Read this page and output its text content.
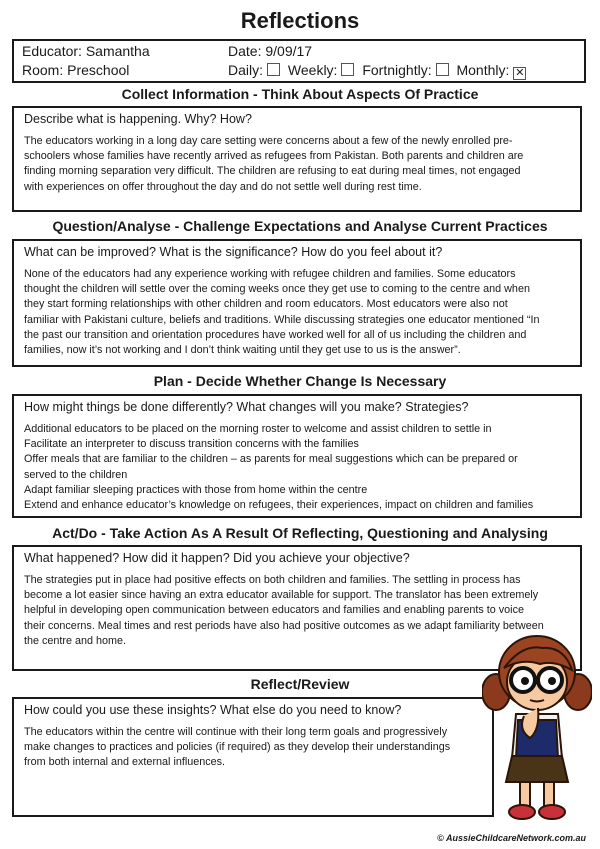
Reflections
Educator: Samantha
Room: Preschool
Date: 9/09/17
Daily: Weekly: Fortnightly: Monthly: ✕
Collect Information - Think About Aspects Of Practice
Describe what is happening. Why? How?
The educators working in a long day care setting were concerns about a few of the newly enrolled pre-
schoolers whose families have recently arrived as refugees from Pakistan. Both parents and children are
finding morning separation very difficult. The children are refusing to eat during meal times, not engaged
with experiences on offer throughout the day and do not settle well during rest time.
Question/Analyse - Challenge Expectations and Analyse Current Practices
What can be improved? What is the significance? How do you feel about it?
None of the educators had any experience working with refugee children and families. Some educators
thought the children will settle over the coming weeks once they get use to coming to the centre and when
they start forming relationships with other children and room educators. Most educators were also not
familiar with Pakistani culture, beliefs and traditions. While discussing strategies one educator mentioned “In
the past our transition and orientation procedures have worked well for all of us including the children and
families, now it’s not working and I don’t think waiting until they get use to us is the answer”.
Plan - Decide Whether Change Is Necessary
How might things be done differently? What changes will you make? Strategies?
Additional educators to be placed on the morning roster to welcome and assist children to settle in
Facilitate an interpreter to discuss transition concerns with the families
Offer meals that are familiar to the children – as parents for meal suggestions which can be prepared or
served to the children
Adapt familiar sleeping practices with those from home within the centre
Extend and enhance educator’s knowledge on refugees, their experiences, impact on children and families
Act/Do - Take Action As A Result Of Reflecting, Questioning and Analysing
What happened? How did it happen? Did you achieve your objective?
The strategies put in place had positive effects on both children and families. The settling in process has
become a lot easier since having an extra educator available for support. The translator has been extremely
helpful in developing open communication between educators and families and enabling parents to voice
their concerns. Meal times and rest periods have also had positive outcomes as we adapt familiarity between
the centre and home.
Reflect/Review
How could you use these insights? What else do you need to know?
The educators within the centre will continue with their long term goals and progressively
make changes to practices and policies (if required) as they develop their understandings
from both internal and external influences.
© AussieChildcareNetwork.com.au
